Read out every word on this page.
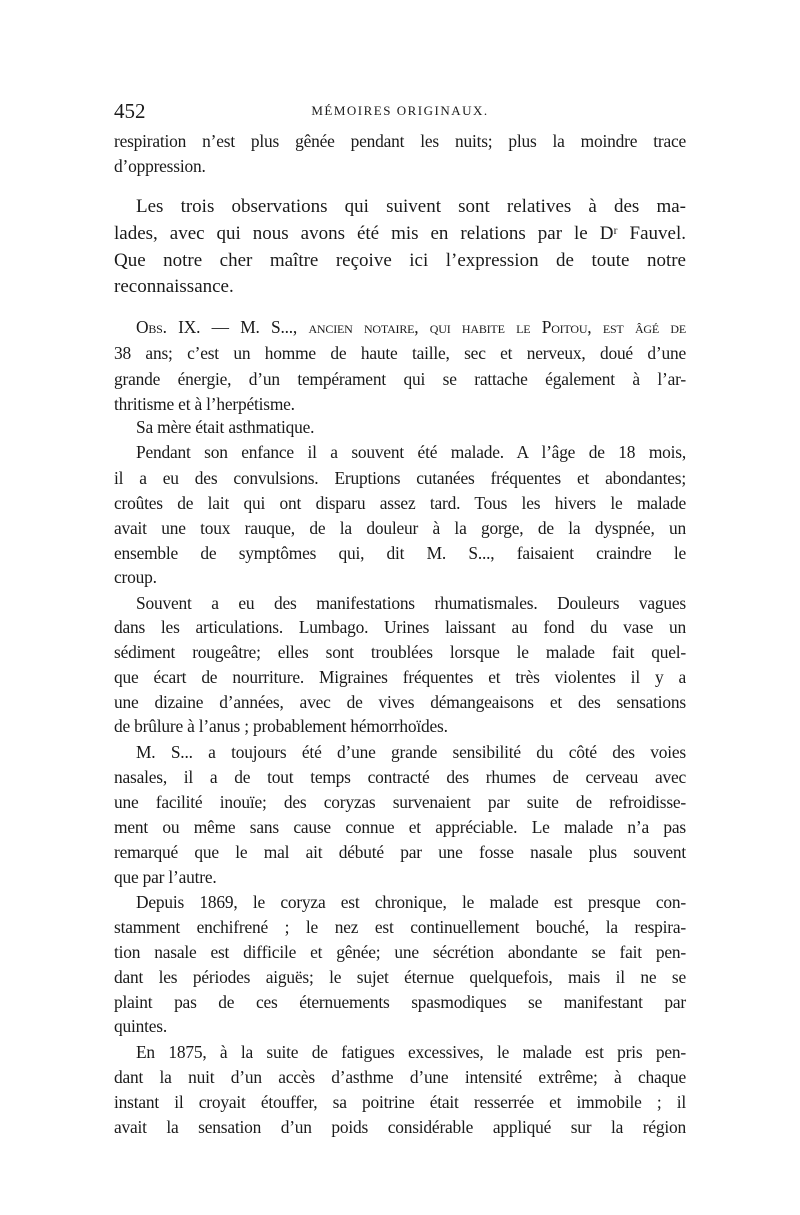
452	MÉMOIRES ORIGINAUX.
respiration n’est plus gênée pendant les nuits; plus la moindre trace
d’oppression.
Les trois observations qui suivent sont relatives à des ma-
lades, avec qui nous avons été mis en relations par le Dʳ Fauvel.
Que notre cher maître reçoive ici l’expression de toute notre
reconnaissance.
Obs. IX. — M. S..., ancien notaire, qui habite le Poitou, est âgé de
38 ans; c’est un homme de haute taille, sec et nerveux, doué d’une
grande énergie, d’un tempérament qui se rattache également à l’ar-
thritisme et à l’herpétisme.
Sa mère était asthmatique.
Pendant son enfance il a souvent été malade. A l’âge de 18 mois,
il a eu des convulsions. Eruptions cutanées fréquentes et abondantes;
croûtes de lait qui ont disparu assez tard. Tous les hivers le malade
avait une toux rauque, de la douleur à la gorge, de la dyspnée, un
ensemble de symptômes qui, dit M. S..., faisaient craindre le
croup.
Souvent a eu des manifestations rhumatismales. Douleurs vagues
dans les articulations. Lumbago. Urines laissant au fond du vase un
sédiment rougeâtre; elles sont troublées lorsque le malade fait quel-
que écart de nourriture. Migraines fréquentes et très violentes il y a
une dizaine d’années, avec de vives démangeaisons et des sensations
de brûlure à l’anus ; probablement hémorrhoïdes.
M. S... a toujours été d’une grande sensibilité du côté des voies
nasales, il a de tout temps contracté des rhumes de cerveau avec
une facilité inouïe; des coryzas survenaient par suite de refroidisse-
ment ou même sans cause connue et appréciable. Le malade n’a pas
remarqué que le mal ait débuté par une fosse nasale plus souvent
que par l’autre.
Depuis 1869, le coryza est chronique, le malade est presque con-
stamment enchifrené ; le nez est continuellement bouché, la respira-
tion nasale est difficile et gênée; une sécrétion abondante se fait pen-
dant les périodes aiguës; le sujet éternue quelquefois, mais il ne se
plaint pas de ces éternuements spasmodiques se manifestant par
quintes.
En 1875, à la suite de fatigues excessives, le malade est pris pen-
dant la nuit d’un accès d’asthme d’une intensité extrême; à chaque
instant il croyait étouffer, sa poitrine était resserrée et immobile ; il
avait la sensation d’un poids considérable appliqué sur la région
